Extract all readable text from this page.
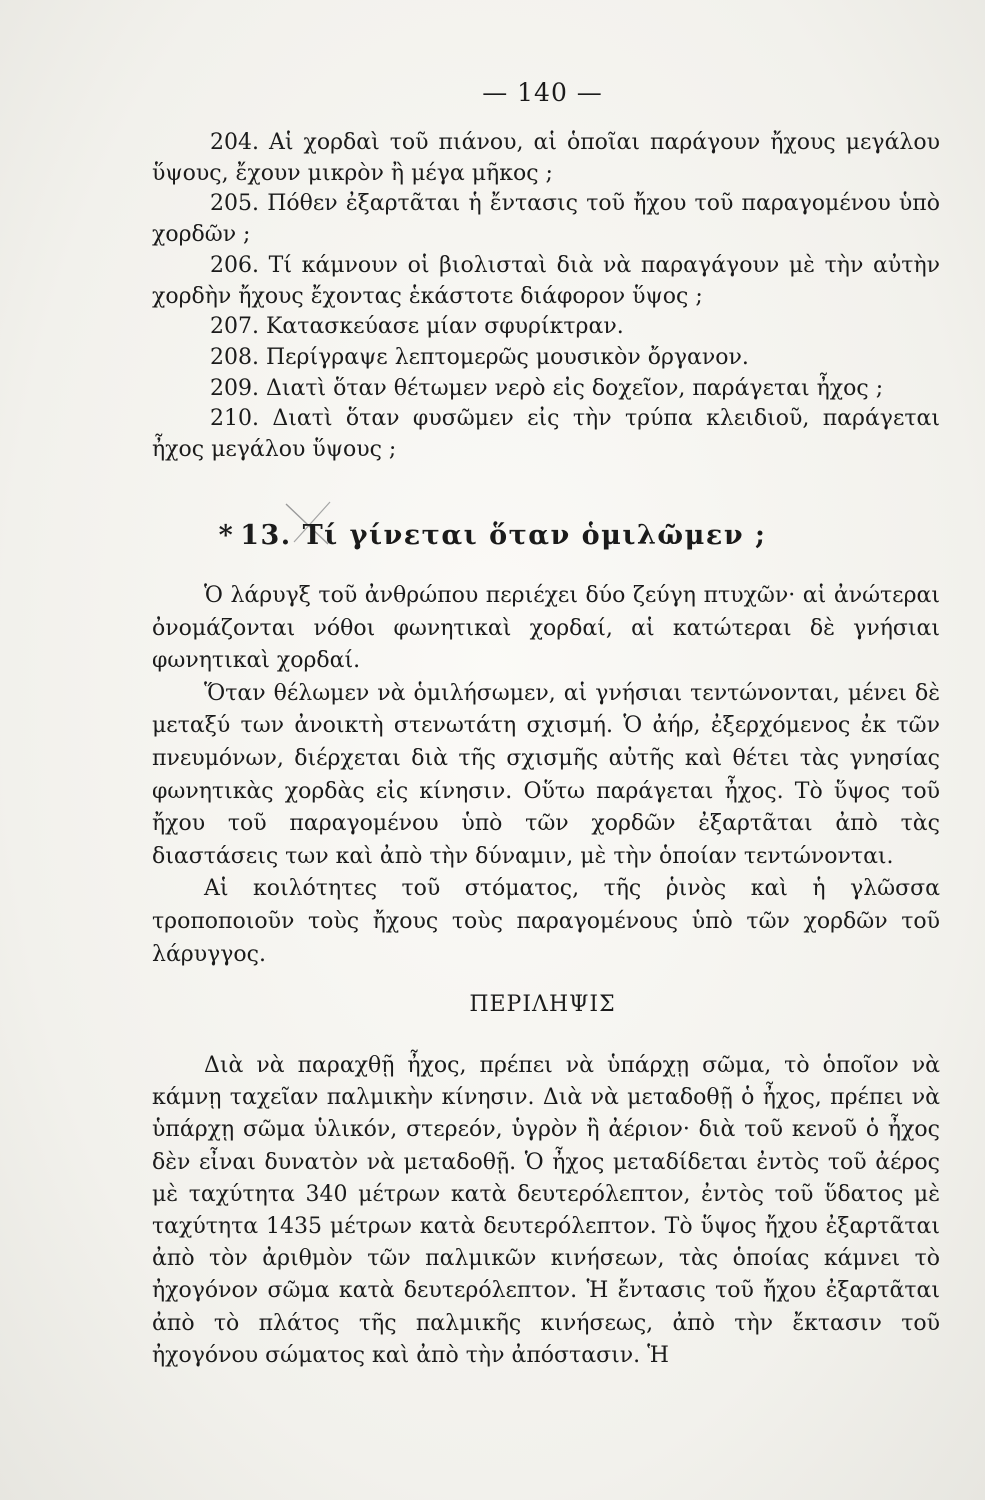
— 140 —

204. Αἱ χορδαὶ τοῦ πιάνου, αἱ ὁποῖαι παράγουν ἤχους μεγάλου ὕψους, ἔχουν μικρὸν ἢ μέγα μῆκος ;

205. Πόθεν ἐξαρτᾶται ἡ ἔντασις τοῦ ἤχου τοῦ παραγομένου ὑπὸ χορδῶν ;

206. Τί κάμνουν οἱ βιολισταὶ διὰ νὰ παραγάγουν μὲ τὴν αὐτὴν χορδὴν ἤχους ἔχοντας ἑκάστοτε διάφορον ὕψος ;

207. Κατασκεύασε μίαν σφυρίκτραν.

208. Περίγραψε λεπτομερῶς μουσικὸν ὄργανον.

209. Διατὶ ὅταν θέτωμεν νερὸ εἰς δοχεῖον, παράγεται ἦχος ;

210. Διατὶ ὅταν φυσῶμεν εἰς τὴν τρύπα κλειδιοῦ, παράγεται ἦχος μεγάλου ὕψους ;

* 13. Τί γίνεται ὅταν ὁμιλῶμεν ;

Ὁ λάρυγξ τοῦ ἀνθρώπου περιέχει δύο ζεύγη πτυχῶν· αἱ ἀνώτεραι ὀνομάζονται νόθοι φωνητικαὶ χορδαί, αἱ κατώτεραι δὲ γνήσιαι φωνητικαὶ χορδαί.

Ὅταν θέλωμεν νὰ ὁμιλήσωμεν, αἱ γνήσιαι τεντώνονται, μένει δὲ μεταξύ των ἀνοικτὴ στενωτάτη σχισμή. Ὁ ἀήρ, ἐξερχόμενος ἐκ τῶν πνευμόνων, διέρχεται διὰ τῆς σχισμῆς αὐτῆς καὶ θέτει τὰς γνησίας φωνητικὰς χορδὰς εἰς κίνησιν. Οὕτω παράγεται ἦχος. Τὸ ὕψος τοῦ ἤχου τοῦ παραγομένου ὑπὸ τῶν χορδῶν ἐξαρτᾶται ἀπὸ τὰς διαστάσεις των καὶ ἀπὸ τὴν δύναμιν, μὲ τὴν ὁποίαν τεντώνονται.

Αἱ κοιλότητες τοῦ στόματος, τῆς ῥινὸς καὶ ἡ γλῶσσα τροποποιοῦν τοὺς ἤχους τοὺς παραγομένους ὑπὸ τῶν χορδῶν τοῦ λάρυγγος.

ΠΕΡΙΛΗΨΙΣ

Διὰ νὰ παραχθῇ ἦχος, πρέπει νὰ ὑπάρχῃ σῶμα, τὸ ὁποῖον νὰ κάμνῃ ταχεῖαν παλμικὴν κίνησιν. Διὰ νὰ μεταδοθῇ ὁ ἦχος, πρέπει νὰ ὑπάρχῃ σῶμα ὑλικόν, στερεόν, ὑγρὸν ἢ ἀέριον· διὰ τοῦ κενοῦ ὁ ἦχος δὲν εἶναι δυνατὸν νὰ μεταδοθῇ. Ὁ ἦχος μεταδίδεται ἐντὸς τοῦ ἀέρος μὲ ταχύτητα 340 μέτρων κατὰ δευτερόλεπτον, ἐντὸς τοῦ ὕδατος μὲ ταχύτητα 1435 μέτρων κατὰ δευτερόλεπτον. Τὸ ὕψος ἤχου ἐξαρτᾶται ἀπὸ τὸν ἀριθμὸν τῶν παλμικῶν κινήσεων, τὰς ὁποίας κάμνει τὸ ἠχογόνον σῶμα κατὰ δευτερόλεπτον. Ἡ ἔντασις τοῦ ἤχου ἐξαρτᾶται ἀπὸ τὸ πλάτος τῆς παλμικῆς κινήσεως, ἀπὸ τὴν ἔκτασιν τοῦ ἠχογόνου σώματος καὶ ἀπὸ τὴν ἀπόστασιν. Ἡ
